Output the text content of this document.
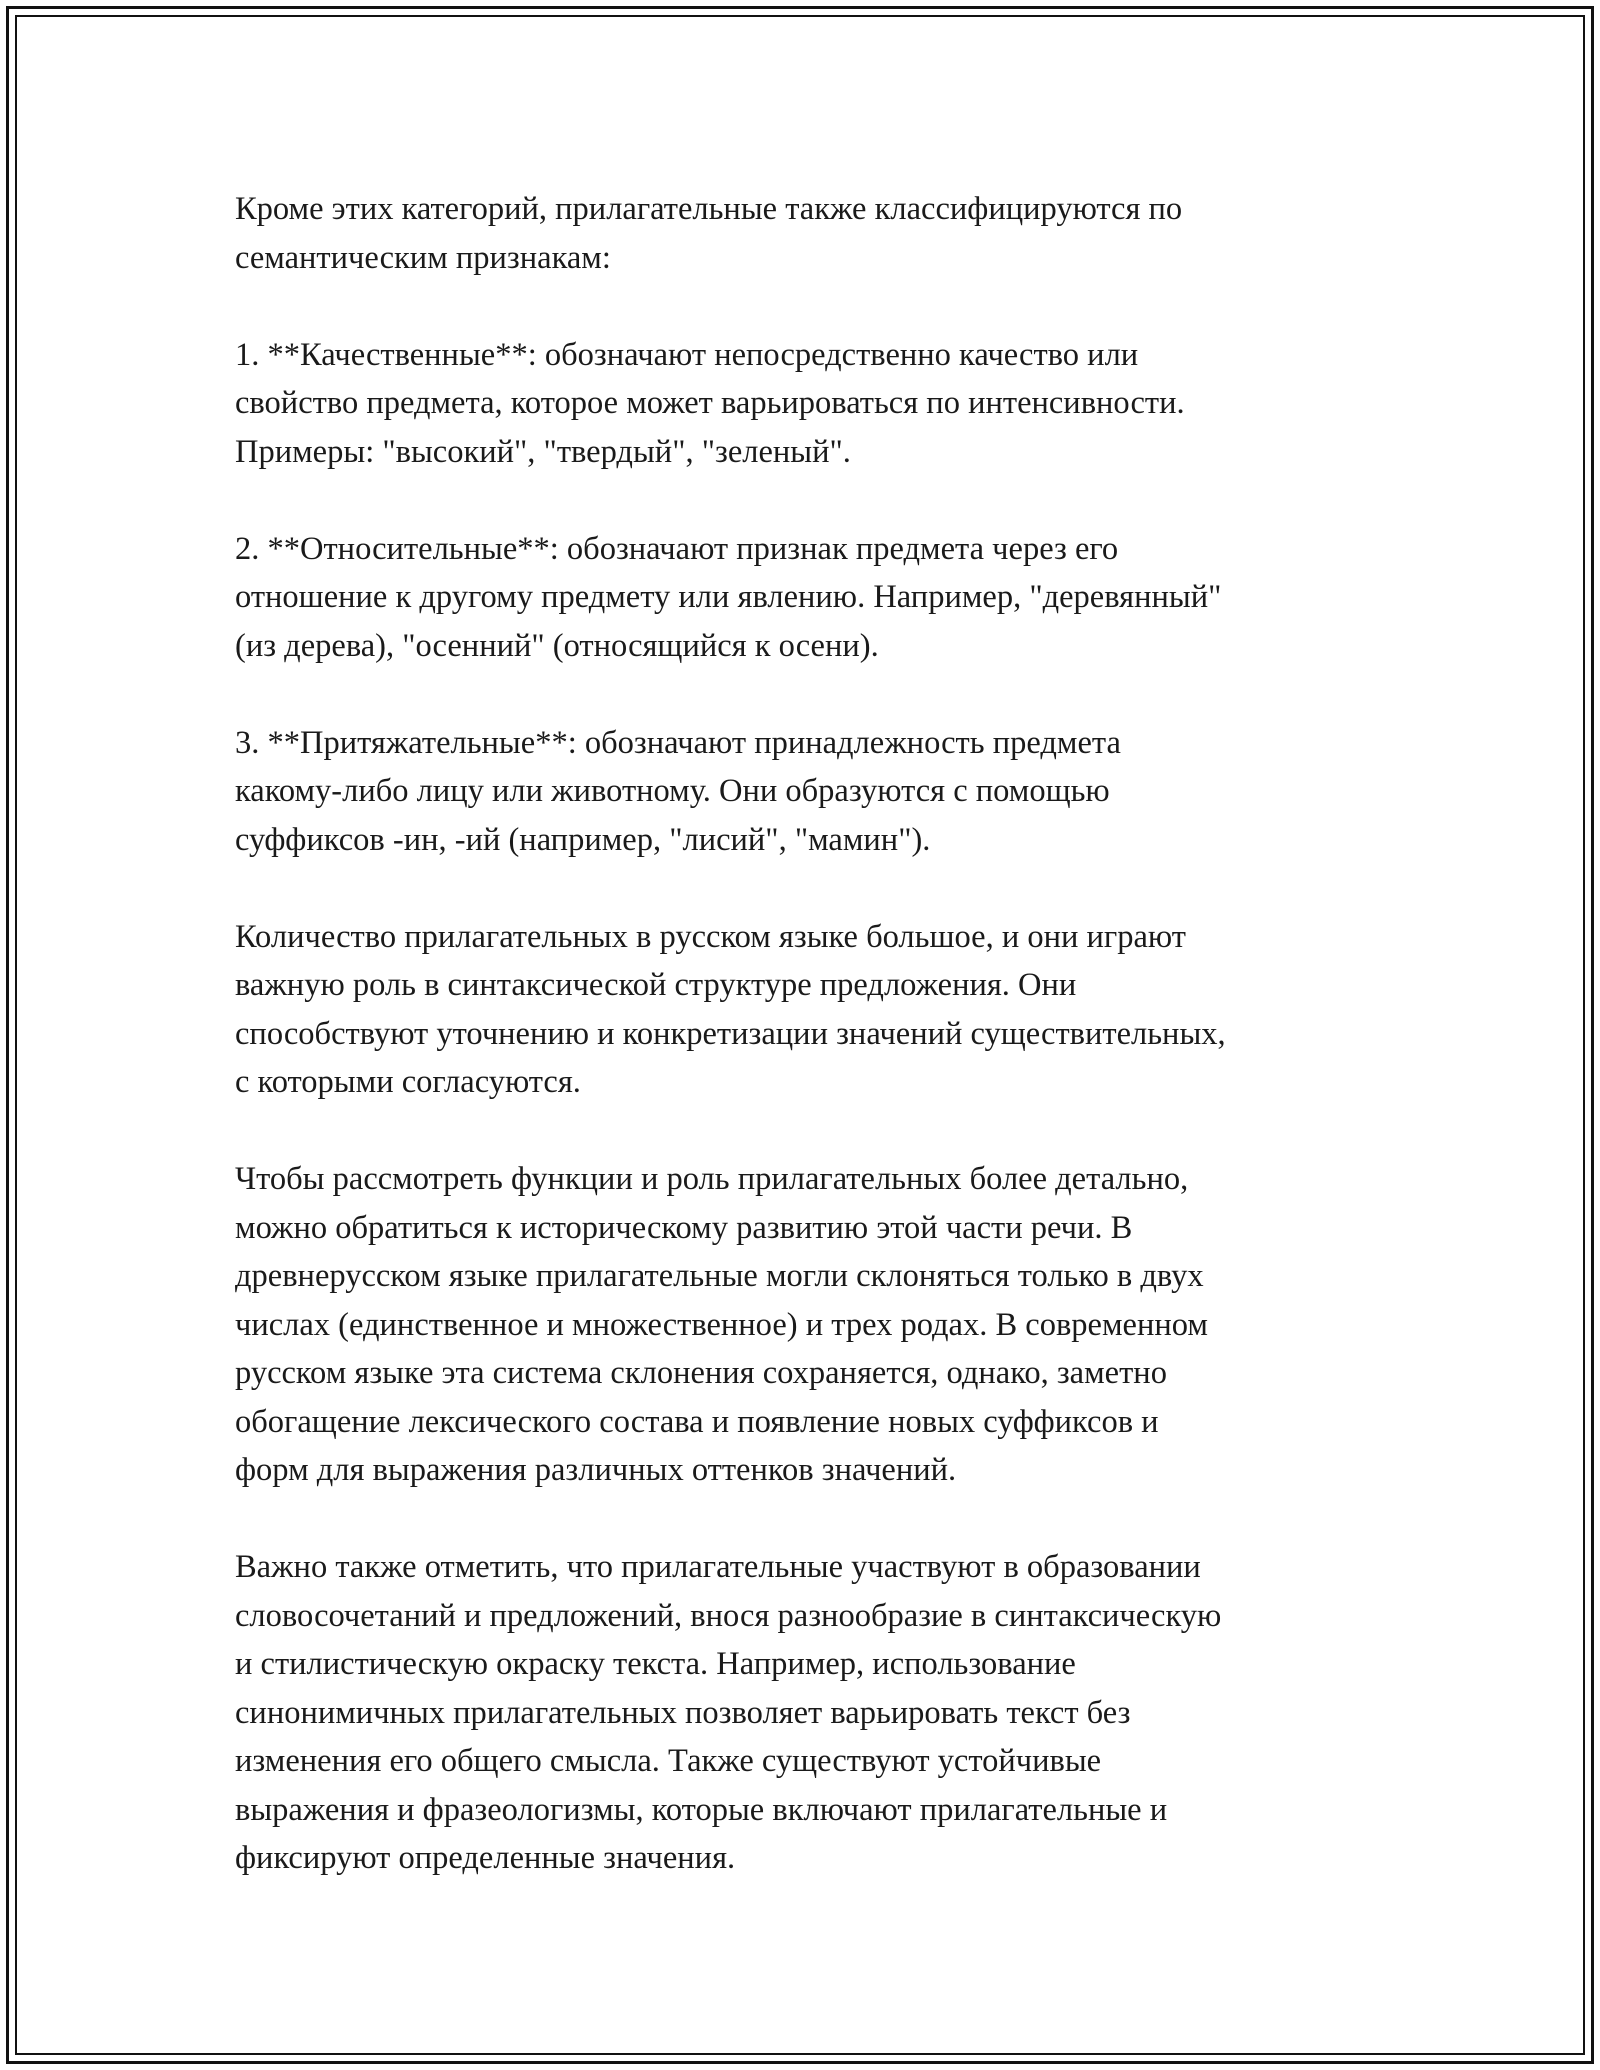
Кроме этих категорий, прилагательные также классифицируются по
семантическим признакам:

1. **Качественные**: обозначают непосредственно качество или
свойство предмета, которое может варьироваться по интенсивности.
Примеры: "высокий", "твердый", "зеленый".

2. **Относительные**: обозначают признак предмета через его
отношение к другому предмету или явлению. Например, "деревянный"
(из дерева), "осенний" (относящийся к осени).

3. **Притяжательные**: обозначают принадлежность предмета
какому-либо лицу или животному. Они образуются с помощью
суффиксов -ин, -ий (например, "лисий", "мамин").

Количество прилагательных в русском языке большое, и они играют
важную роль в синтаксической структуре предложения. Они
способствуют уточнению и конкретизации значений существительных,
с которыми согласуются.

Чтобы рассмотреть функции и роль прилагательных более детально,
можно обратиться к историческому развитию этой части речи. В
древнерусском языке прилагательные могли склоняться только в двух
числах (единственное и множественное) и трех родах. В современном
русском языке эта система склонения сохраняется, однако, заметно
обогащение лексического состава и появление новых суффиксов и
форм для выражения различных оттенков значений.

Важно также отметить, что прилагательные участвуют в образовании
словосочетаний и предложений, внося разнообразие в синтаксическую
и стилистическую окраску текста. Например, использование
синонимичных прилагательных позволяет варьировать текст без
изменения его общего смысла. Также существуют устойчивые
выражения и фразеологизмы, которые включают прилагательные и
фиксируют определенные значения.
